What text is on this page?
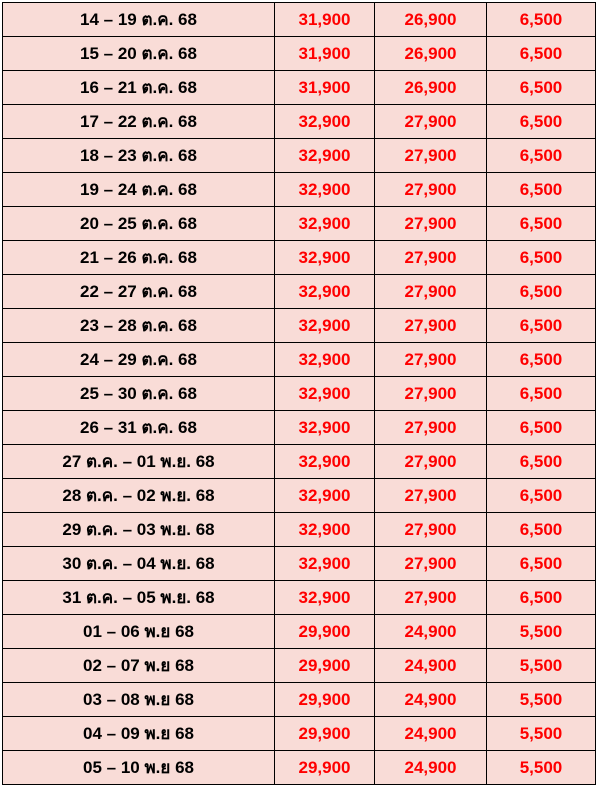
14 – 19 ต.ค. 68	31,900	26,900	6,500
15 – 20 ต.ค. 68	31,900	26,900	6,500
16 – 21 ต.ค. 68	31,900	26,900	6,500
17 – 22 ต.ค. 68	32,900	27,900	6,500
18 – 23 ต.ค. 68	32,900	27,900	6,500
19 – 24 ต.ค. 68	32,900	27,900	6,500
20 – 25 ต.ค. 68	32,900	27,900	6,500
21 – 26 ต.ค. 68	32,900	27,900	6,500
22 – 27 ต.ค. 68	32,900	27,900	6,500
23 – 28 ต.ค. 68	32,900	27,900	6,500
24 – 29 ต.ค. 68	32,900	27,900	6,500
25 – 30 ต.ค. 68	32,900	27,900	6,500
26 – 31 ต.ค. 68	32,900	27,900	6,500
27 ต.ค. – 01 พ.ย. 68	32,900	27,900	6,500
28 ต.ค. – 02 พ.ย. 68	32,900	27,900	6,500
29 ต.ค. – 03 พ.ย. 68	32,900	27,900	6,500
30 ต.ค. – 04 พ.ย. 68	32,900	27,900	6,500
31 ต.ค. – 05 พ.ย. 68	32,900	27,900	6,500
01 – 06 พ.ย 68	29,900	24,900	5,500
02 – 07 พ.ย 68	29,900	24,900	5,500
03 – 08 พ.ย 68	29,900	24,900	5,500
04 – 09 พ.ย 68	29,900	24,900	5,500
05 – 10 พ.ย 68	29,900	24,900	5,500
